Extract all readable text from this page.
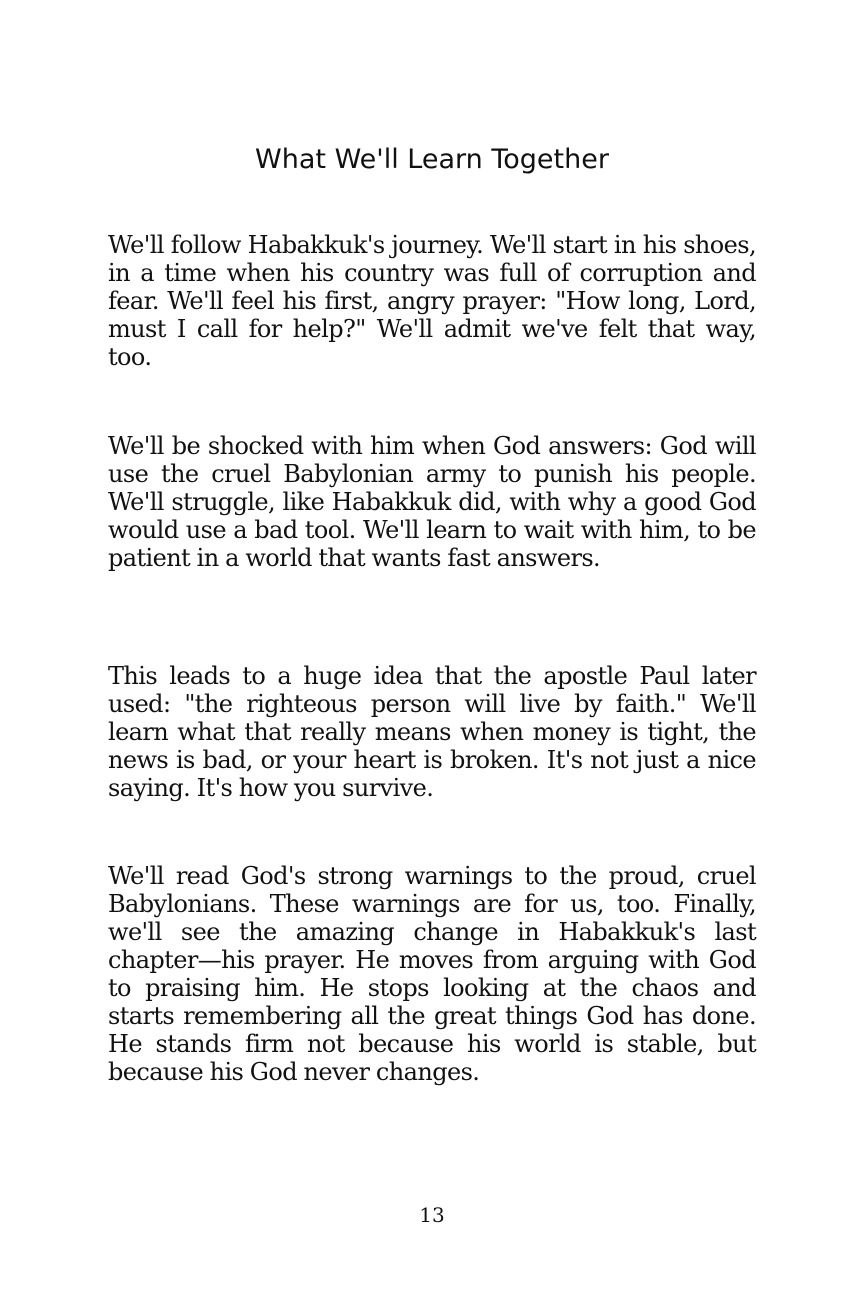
What We'll Learn Together

We'll follow Habakkuk's journey. We'll start in his shoes, in a time when his country was full of corruption and fear. We'll feel his first, angry prayer: "How long, Lord, must I call for help?" We'll admit we've felt that way, too.

We'll be shocked with him when God answers: God will use the cruel Babylonian army to punish his people. We'll struggle, like Habakkuk did, with why a good God would use a bad tool. We'll learn to wait with him, to be patient in a world that wants fast answers.

This leads to a huge idea that the apostle Paul later used: "the righteous person will live by faith." We'll learn what that really means when money is tight, the news is bad, or your heart is broken. It's not just a nice saying. It's how you survive.

We'll read God's strong warnings to the proud, cruel Babylonians. These warnings are for us, too. Finally, we'll see the amazing change in Habakkuk's last chapter—his prayer. He moves from arguing with God to praising him. He stops looking at the chaos and starts remembering all the great things God has done. He stands firm not because his world is stable, but because his God never changes.

13
